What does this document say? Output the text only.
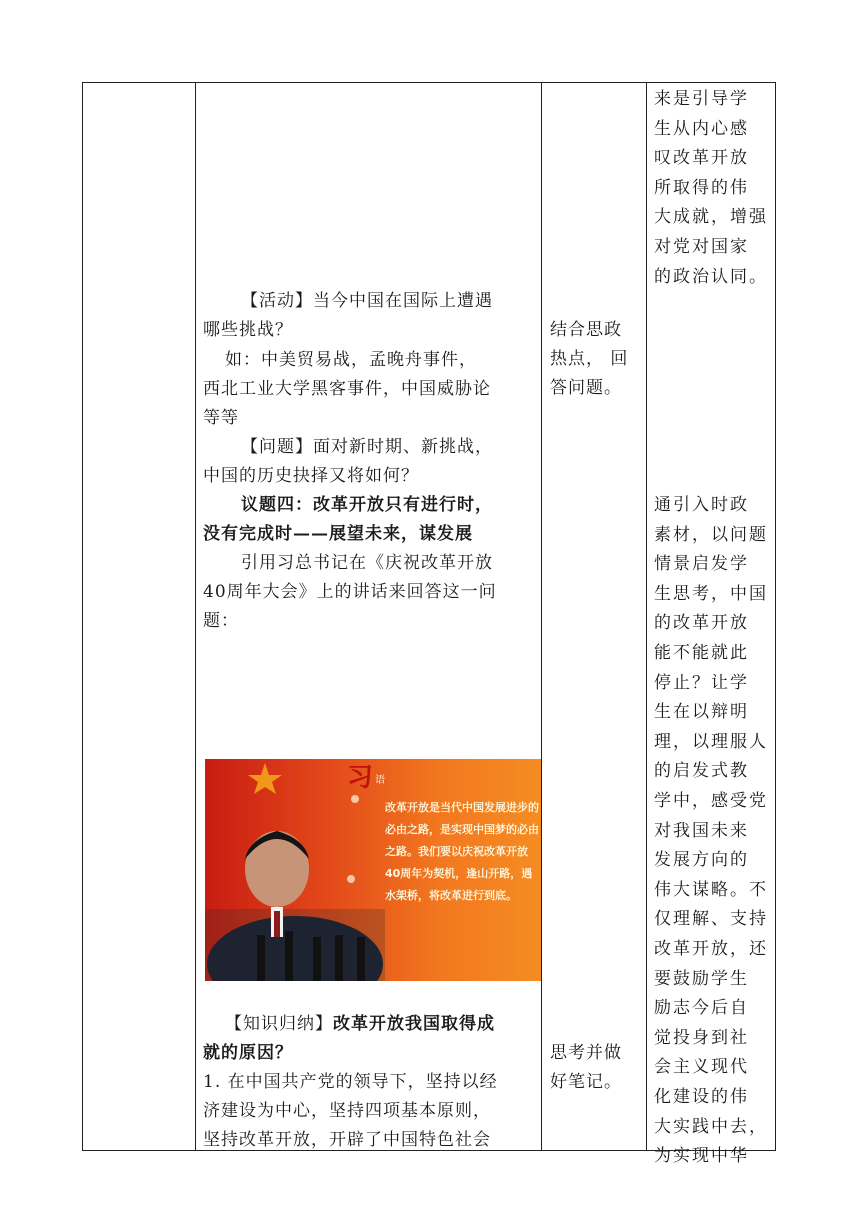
【活动】当今中国在国际上遭遇
哪些挑战？
如：中美贸易战，孟晚舟事件，
西北工业大学黑客事件，中国威胁论
等等
【问题】面对新时期、新挑战，
中国的历史抉择又将如何？
议题四：改革开放只有进行时，
没有完成时——展望未来，谋发展
引用习总书记在《庆祝改革开放
40周年大会》上的讲话来回答这一问
题：
【知识归纳】改革开放我国取得成
就的原因？
1. 在中国共产党的领导下，坚持以经
济建设为中心，坚持四项基本原则，
坚持改革开放，开辟了中国特色社会
习 语
改革开放是当代中国发展进步的必由之路，是实现中国梦的必由之路。我们要以庆祝改革开放40周年为契机，逢山开路，遇水架桥，将改革进行到底。
结合思政
热点， 回
答问题。
思考并做
好笔记。
来是引导学
生从内心感
叹改革开放
所取得的伟
大成就，增强
对党对国家
的政治认同。
通引入时政
素材，以问题
情景启发学
生思考，中国
的改革开放
能不能就此
停止？让学
生在以辩明
理，以理服人
的启发式教
学中，感受党
对我国未来
发展方向的
伟大谋略。不
仅理解、支持
改革开放，还
要鼓励学生
励志今后自
觉投身到社
会主义现代
化建设的伟
大实践中去，
为实现中华
